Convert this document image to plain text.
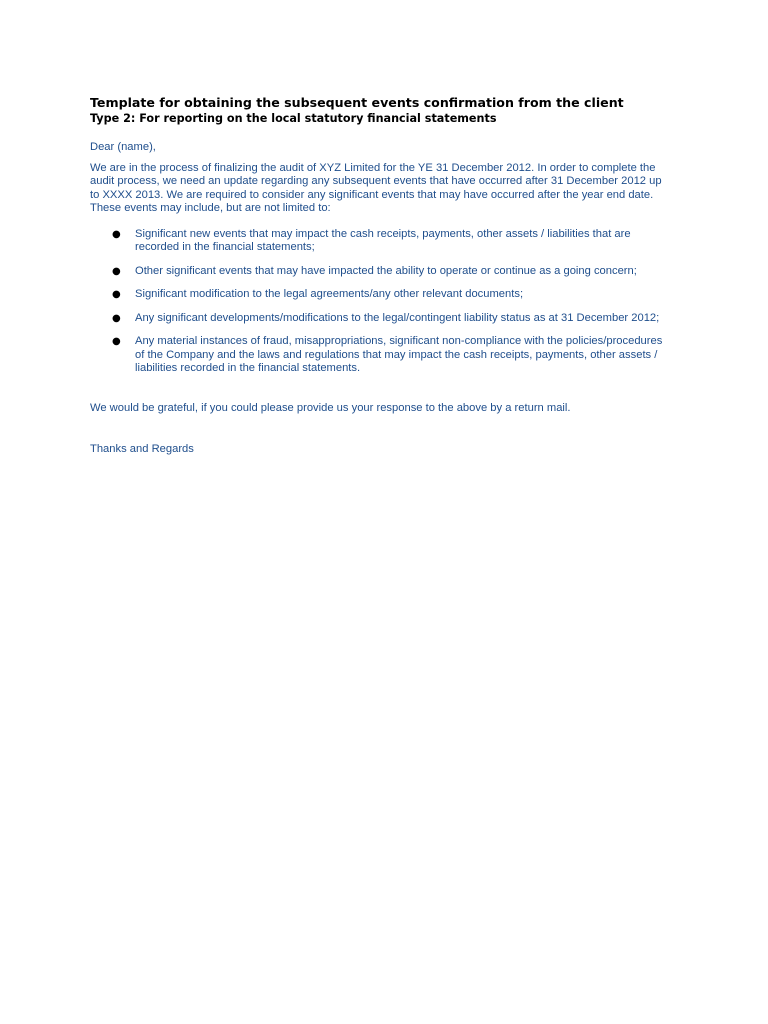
Template for obtaining the subsequent events confirmation from the client
Type 2: For reporting on the local statutory financial statements
Dear (name),
We are in the process of finalizing the audit of XYZ Limited for the YE 31 December 2012. In order to complete the audit process, we need an update regarding any subsequent events that have occurred after 31 December 2012 up to XXXX 2013. We are required to consider any significant events that may have occurred after the year end date. These events may include, but are not limited to:
● Significant new events that may impact the cash receipts, payments, other assets / liabilities that are recorded in the financial statements;
● Other significant events that may have impacted the ability to operate or continue as a going concern;
● Significant modification to the legal agreements/any other relevant documents;
● Any significant developments/modifications to the legal/contingent liability status as at 31 December 2012;
● Any material instances of fraud, misappropriations, significant non-compliance with the policies/procedures of the Company and the laws and regulations that may impact the cash receipts, payments, other assets / liabilities recorded in the financial statements.
We would be grateful, if you could please provide us your response to the above by a return mail.
Thanks and Regards
